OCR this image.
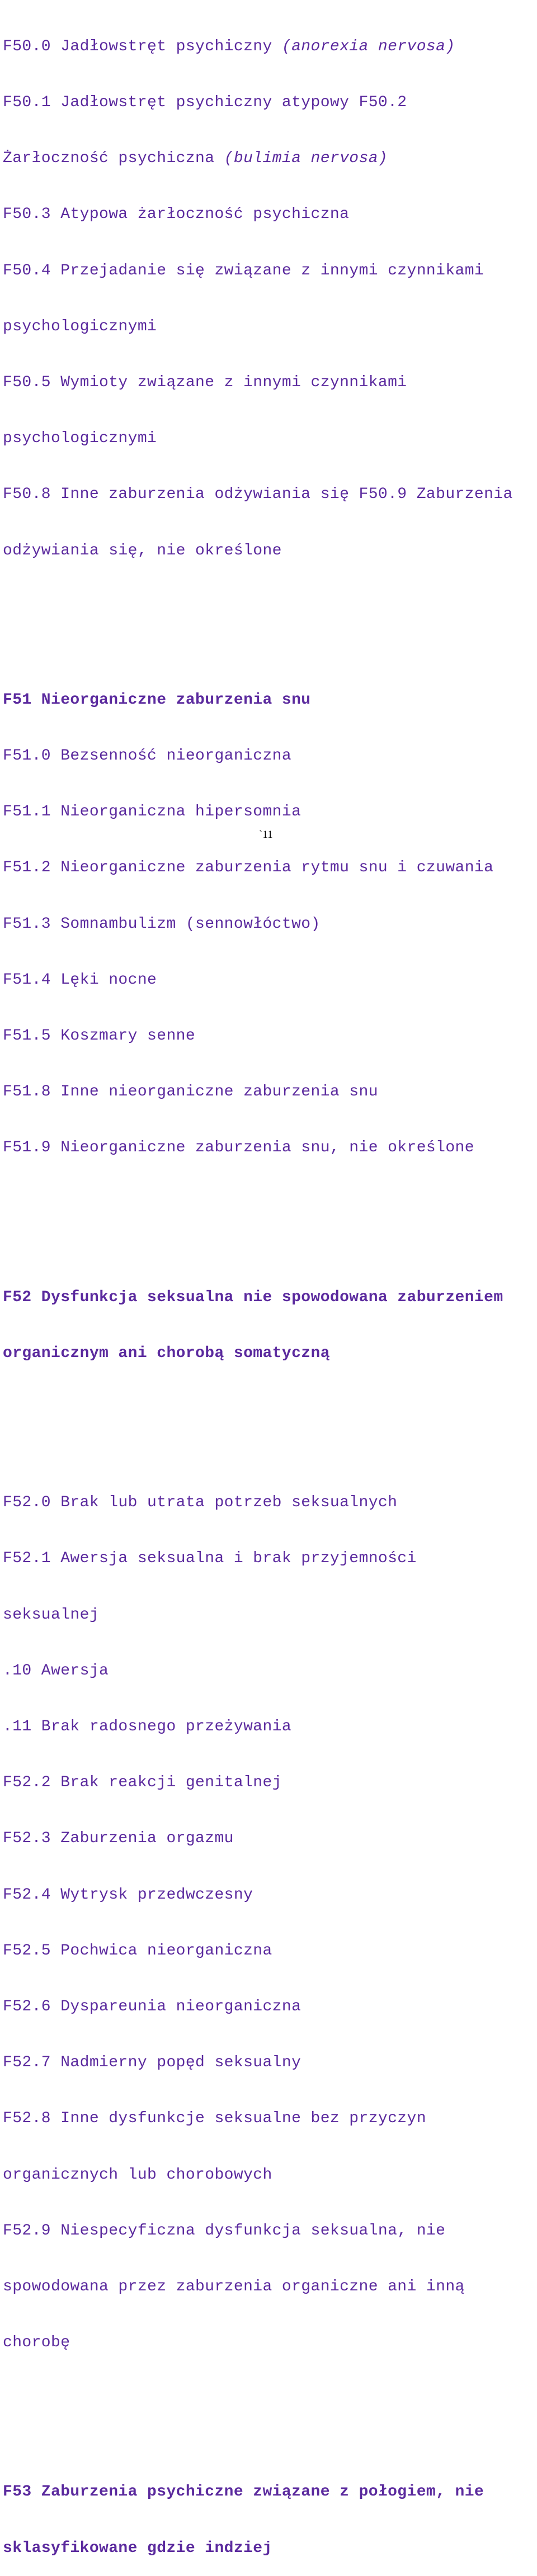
F50.0 Jadłowstręt psychiczny (anorexia nervosa)

F50.1 Jadłowstręt psychiczny atypowy F50.2

Żarłoczność psychiczna (bulimia nervosa)

F50.3 Atypowa żarłoczność psychiczna

F50.4 Przejadanie się związane z innymi czynnikami

psychologicznymi

F50.5 Wymioty związane z innymi czynnikami

psychologicznymi

F50.8 Inne zaburzenia odżywiania się F50.9 Zaburzenia

odżywiania się, nie określone

F51 Nieorganiczne zaburzenia snu

F51.0 Bezsenność nieorganiczna

F51.1 Nieorganiczna hipersomnia

F51.2 Nieorganiczne zaburzenia rytmu snu i czuwania

F51.3 Somnambulizm (sennowłóctwo)

F51.4 Lęki nocne

F51.5 Koszmary senne

F51.8 Inne nieorganiczne zaburzenia snu

F51.9 Nieorganiczne zaburzenia snu, nie określone

F52 Dysfunkcja seksualna nie spowodowana zaburzeniem

organicznym ani chorobą somatyczną

F52.0 Brak lub utrata potrzeb seksualnych

F52.1 Awersja seksualna i brak przyjemności

seksualnej

.10 Awersja

.11 Brak radosnego przeżywania

F52.2 Brak reakcji genitalnej

F52.3 Zaburzenia orgazmu

F52.4 Wytrysk przedwczesny

F52.5 Pochwica nieorganiczna

F52.6 Dyspareunia nieorganiczna

F52.7 Nadmierny popęd seksualny

F52.8 Inne dysfunkcje seksualne bez przyczyn

organicznych lub chorobowych

F52.9 Niespecyficzna dysfunkcja seksualna, nie

spowodowana przez zaburzenia organiczne ani inną

chorobę

F53 Zaburzenia psychiczne związane z połogiem, nie

sklasyfikowane gdzie indziej

`11
